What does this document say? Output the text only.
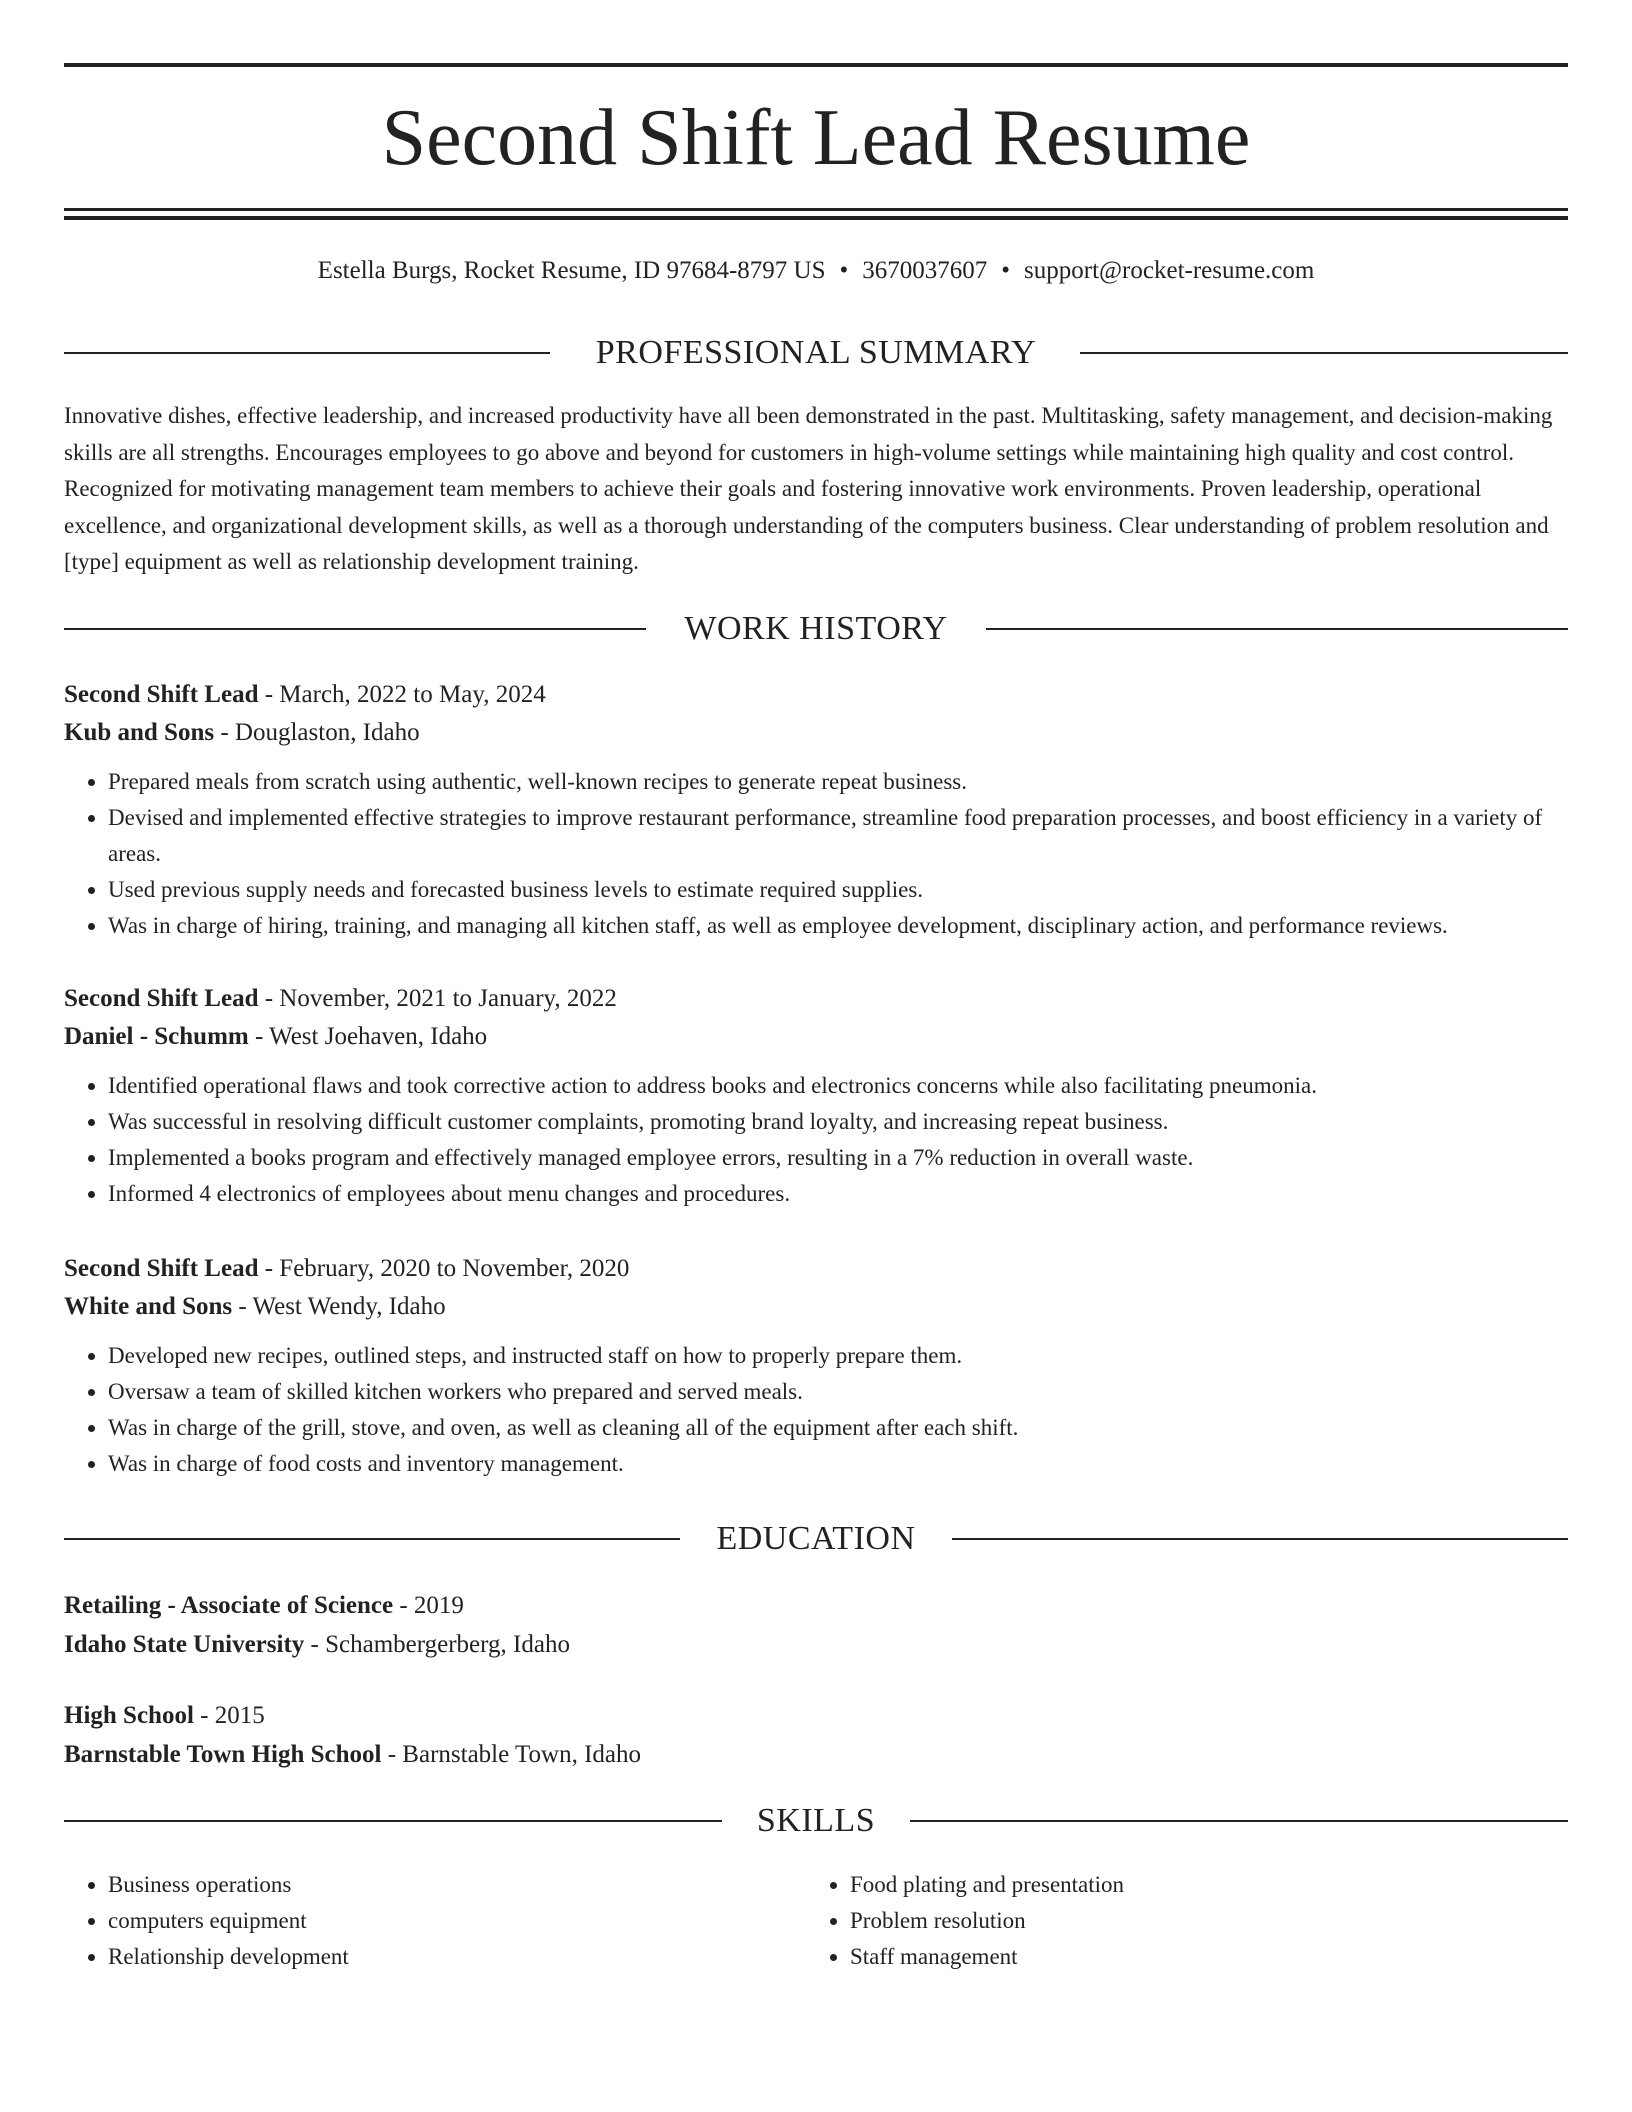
Second Shift Lead Resume
Estella Burgs, Rocket Resume, ID 97684-8797 US • 3670037607 • support@rocket-resume.com
PROFESSIONAL SUMMARY

Innovative dishes, effective leadership, and increased productivity have all been demonstrated in the past. Multitasking, safety management, and decision-making skills are all strengths. Encourages employees to go above and beyond for customers in high-volume settings while maintaining high quality and cost control. Recognized for motivating management team members to achieve their goals and fostering innovative work environments. Proven leadership, operational excellence, and organizational development skills, as well as a thorough understanding of the computers business. Clear understanding of problem resolution and [type] equipment as well as relationship development training.

WORK HISTORY
Second Shift Lead - March, 2022 to May, 2024
Kub and Sons - Douglaston, Idaho
• Prepared meals from scratch using authentic, well-known recipes to generate repeat business.
• Devised and implemented effective strategies to improve restaurant performance, streamline food preparation processes, and boost efficiency in a variety of areas.
• Used previous supply needs and forecasted business levels to estimate required supplies.
• Was in charge of hiring, training, and managing all kitchen staff, as well as employee development, disciplinary action, and performance reviews.
Second Shift Lead - November, 2021 to January, 2022
Daniel - Schumm - West Joehaven, Idaho
• Identified operational flaws and took corrective action to address books and electronics concerns while also facilitating pneumonia.
• Was successful in resolving difficult customer complaints, promoting brand loyalty, and increasing repeat business.
• Implemented a books program and effectively managed employee errors, resulting in a 7% reduction in overall waste.
• Informed 4 electronics of employees about menu changes and procedures.
Second Shift Lead - February, 2020 to November, 2020
White and Sons - West Wendy, Idaho
• Developed new recipes, outlined steps, and instructed staff on how to properly prepare them.
• Oversaw a team of skilled kitchen workers who prepared and served meals.
• Was in charge of the grill, stove, and oven, as well as cleaning all of the equipment after each shift.
• Was in charge of food costs and inventory management.
EDUCATION
Retailing - Associate of Science - 2019
Idaho State University - Schambergerberg, Idaho
High School - 2015
Barnstable Town High School - Barnstable Town, Idaho
SKILLS
• Business operations
• computers equipment
• Relationship development
• Food plating and presentation
• Problem resolution
• Staff management
